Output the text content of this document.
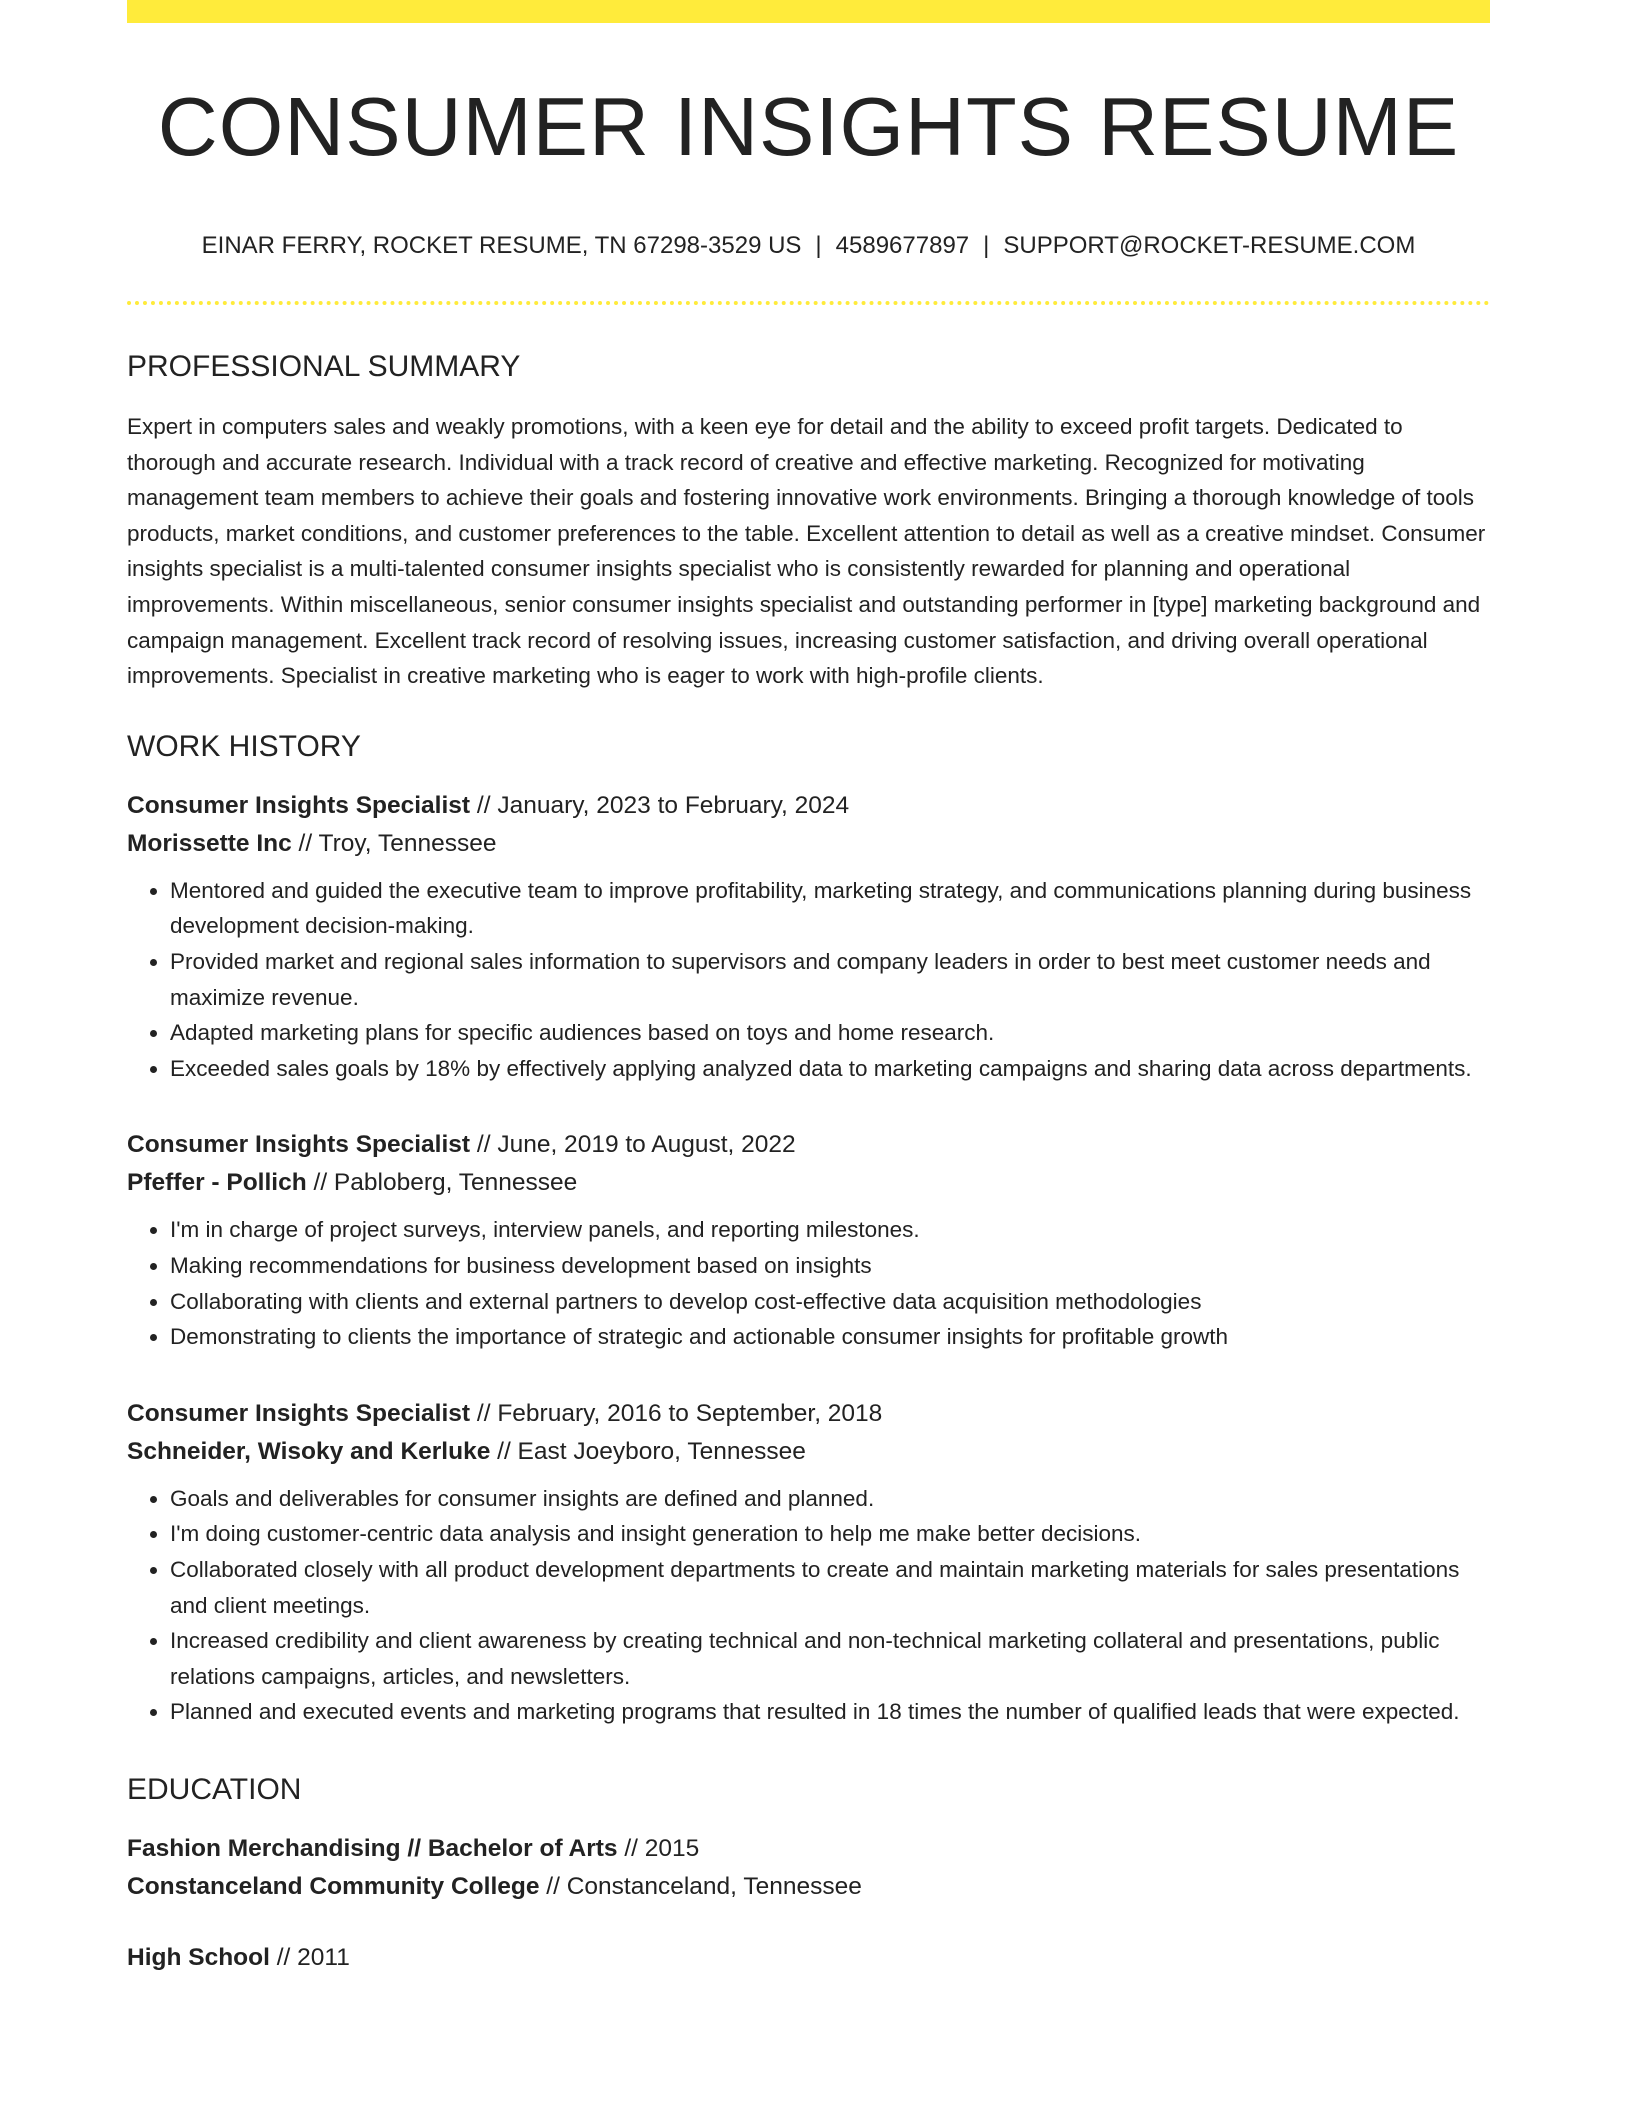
CONSUMER INSIGHTS RESUME
EINAR FERRY, ROCKET RESUME, TN 67298-3529 US | 4589677897 | SUPPORT@ROCKET-RESUME.COM
PROFESSIONAL SUMMARY
Expert in computers sales and weakly promotions, with a keen eye for detail and the ability to exceed profit targets. Dedicated to thorough and accurate research. Individual with a track record of creative and effective marketing. Recognized for motivating management team members to achieve their goals and fostering innovative work environments. Bringing a thorough knowledge of tools products, market conditions, and customer preferences to the table. Excellent attention to detail as well as a creative mindset. Consumer insights specialist is a multi-talented consumer insights specialist who is consistently rewarded for planning and operational improvements. Within miscellaneous, senior consumer insights specialist and outstanding performer in [type] marketing background and campaign management. Excellent track record of resolving issues, increasing customer satisfaction, and driving overall operational improvements. Specialist in creative marketing who is eager to work with high-profile clients.
WORK HISTORY
Consumer Insights Specialist // January, 2023 to February, 2024
Morissette Inc // Troy, Tennessee
• Mentored and guided the executive team to improve profitability, marketing strategy, and communications planning during business development decision-making.
• Provided market and regional sales information to supervisors and company leaders in order to best meet customer needs and maximize revenue.
• Adapted marketing plans for specific audiences based on toys and home research.
• Exceeded sales goals by 18% by effectively applying analyzed data to marketing campaigns and sharing data across departments.
Consumer Insights Specialist // June, 2019 to August, 2022
Pfeffer - Pollich // Pabloberg, Tennessee
• I'm in charge of project surveys, interview panels, and reporting milestones.
• Making recommendations for business development based on insights
• Collaborating with clients and external partners to develop cost-effective data acquisition methodologies
• Demonstrating to clients the importance of strategic and actionable consumer insights for profitable growth
Consumer Insights Specialist // February, 2016 to September, 2018
Schneider, Wisoky and Kerluke // East Joeyboro, Tennessee
• Goals and deliverables for consumer insights are defined and planned.
• I'm doing customer-centric data analysis and insight generation to help me make better decisions.
• Collaborated closely with all product development departments to create and maintain marketing materials for sales presentations and client meetings.
• Increased credibility and client awareness by creating technical and non-technical marketing collateral and presentations, public relations campaigns, articles, and newsletters.
• Planned and executed events and marketing programs that resulted in 18 times the number of qualified leads that were expected.
EDUCATION
Fashion Merchandising // Bachelor of Arts // 2015
Constanceland Community College // Constanceland, Tennessee
High School // 2011
